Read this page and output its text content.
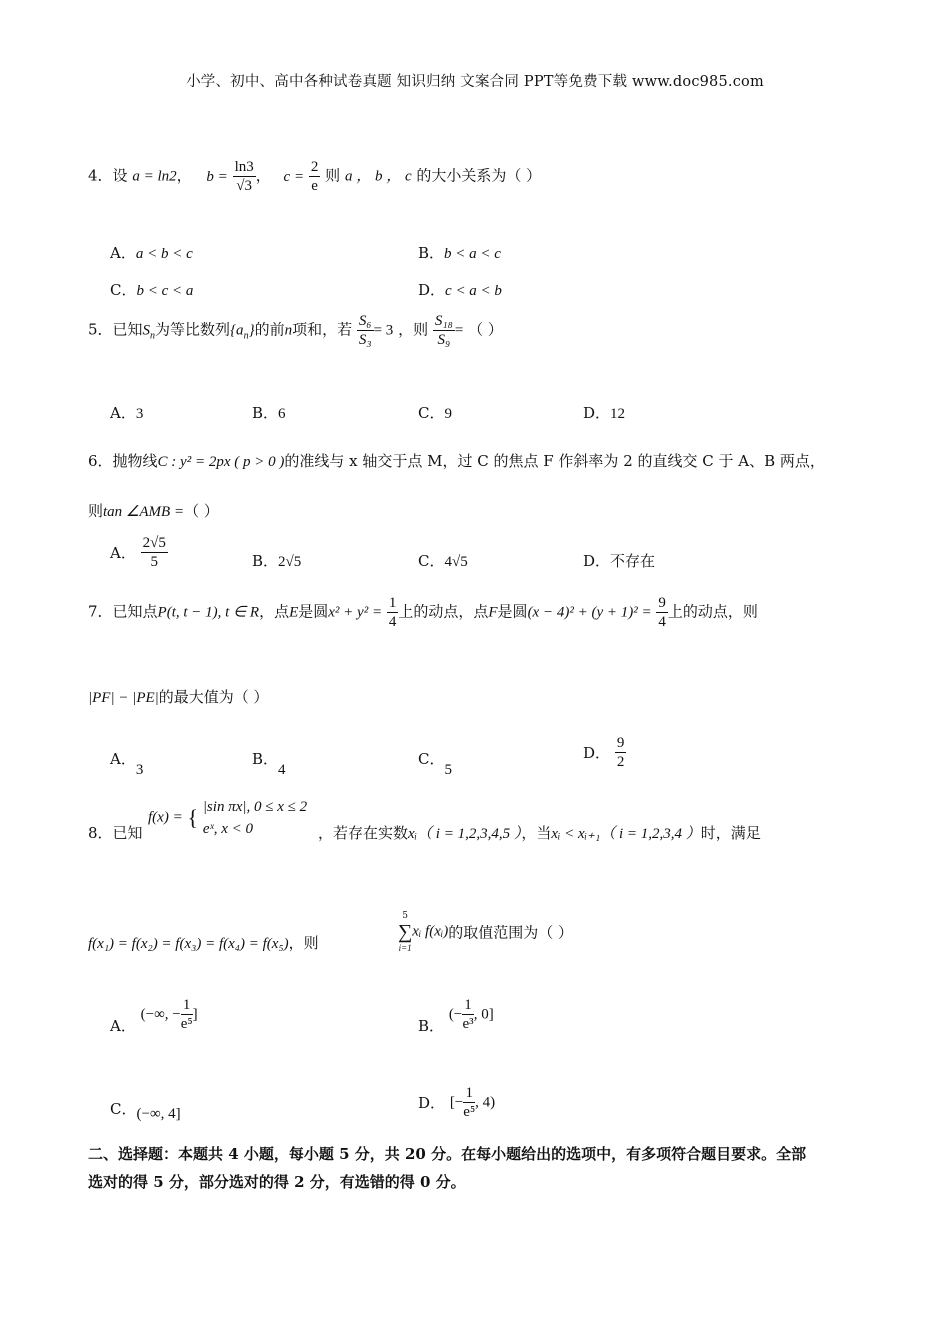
小学、初中、高中各种试卷真题 知识归纳 文案合同 PPT等免费下载 www.doc985.com
4．设 a = ln2， $b = \frac{\ln 3}{√3}$ ， $c = \frac{2}{e}$ 则 a ， b ， c 的大小关系为（ ）
A．a < b < c	B．b < a < c
C．b < c < a	D．c < a < b
5．已知$S_n$为等比数列$\{a_n\}$的前n项和，若 $\frac{\text{S₆}}{\text{S₃}} = 3$ ，则 $\frac{\text{S₁₈}}{\text{S₉}}$ = （ ）
A．3	B．6	C．9	D．12
6．抛物线C : y² = 2px ( p > 0 )的准线与 x 轴交于点 M，过 C 的焦点 F 作斜率为 2 的直线交 C 于 A、B 两点，
则tan ∠AMB =（ ）
A． $\frac{2√5}{5}$	B．2√5	C．4√5	D．不存在
7．已知点P(t, t − 1), t ∈ R，点E是圆$x^2 + y^2 = \frac{1}{4}$ 上的动点，点F是圆$(x - 4)^2 + (y + 1)^2 = \frac{9}{4}$ 上的动点，则
|PF| − |PE|的最大值为（ ）
A．3
B．4
C．5
D． $\frac{9}{2}$
8．已知
f(x) = { |sin πx|, 0 ≤ x ≤ 2
eˣ, x < 0	，若存在实数xᵢ（ i = 1,2,3,4,5 ），当xᵢ < xᵢ₊₁（ i = 1,2,3,4 ）时，满足
f(x₁) = f(x₂) = f(x₃) = f(x₄) = f(x₅)，则
5
∑
i=1
xᵢ f(xᵢ)的取值范围为（ ）
A． (−∞, − $\frac{1}{\text{e⁵}}$ ]
B． (− $\frac{1}{\text{e³}}$ , 0]
C．(−∞, 4]
D． [− $\frac{1}{\text{e⁵}}$ , 4)
二、选择题：本题共 4 小题，每小题 5 分，共 20 分。在每小题给出的选项中，有多项符合题目要求。全部
选对的得 5 分，部分选对的得 2 分，有选错的得 0 分。
